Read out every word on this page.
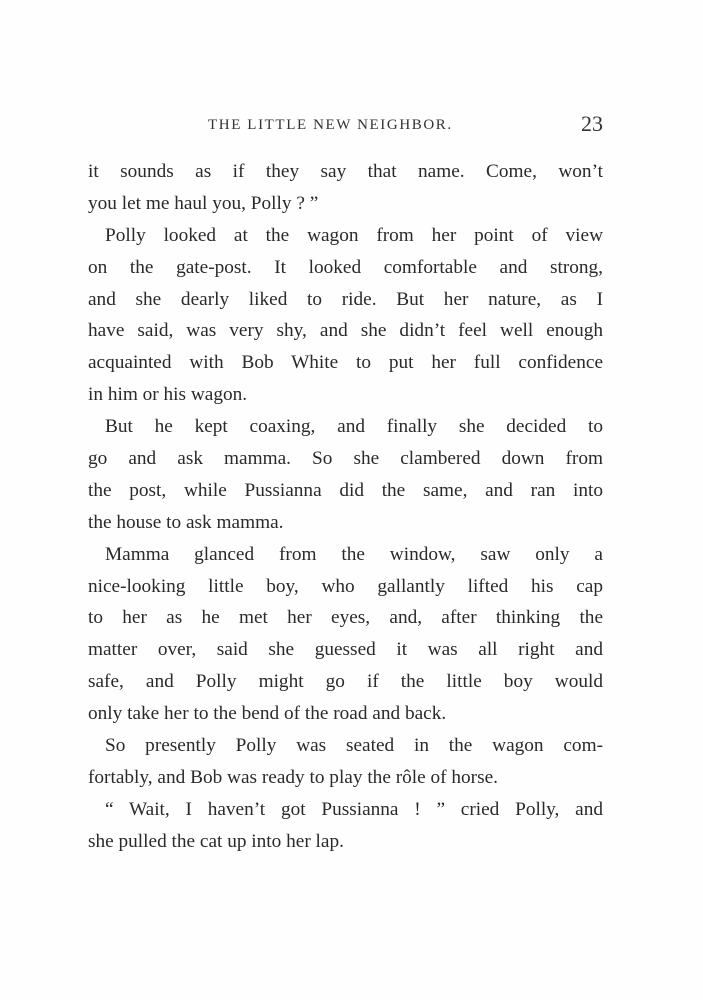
THE LITTLE NEW NEIGHBOR.	23
it sounds as if they say that name. Come, won’t
you let me haul you, Polly ? ”
Polly looked at the wagon from her point of view
on the gate-post. It looked comfortable and strong,
and she dearly liked to ride. But her nature, as I
have said, was very shy, and she didn’t feel well enough
acquainted with Bob White to put her full confidence
in him or his wagon.
But he kept coaxing, and finally she decided to
go and ask mamma. So she clambered down from
the post, while Pussianna did the same, and ran into
the house to ask mamma.
Mamma glanced from the window, saw only a
nice-looking little boy, who gallantly lifted his cap
to her as he met her eyes, and, after thinking the
matter over, said she guessed it was all right and
safe, and Polly might go if the little boy would
only take her to the bend of the road and back.
So presently Polly was seated in the wagon com-
fortably, and Bob was ready to play the rôle of horse.
“ Wait, I haven’t got Pussianna ! ” cried Polly, and
she pulled the cat up into her lap.
